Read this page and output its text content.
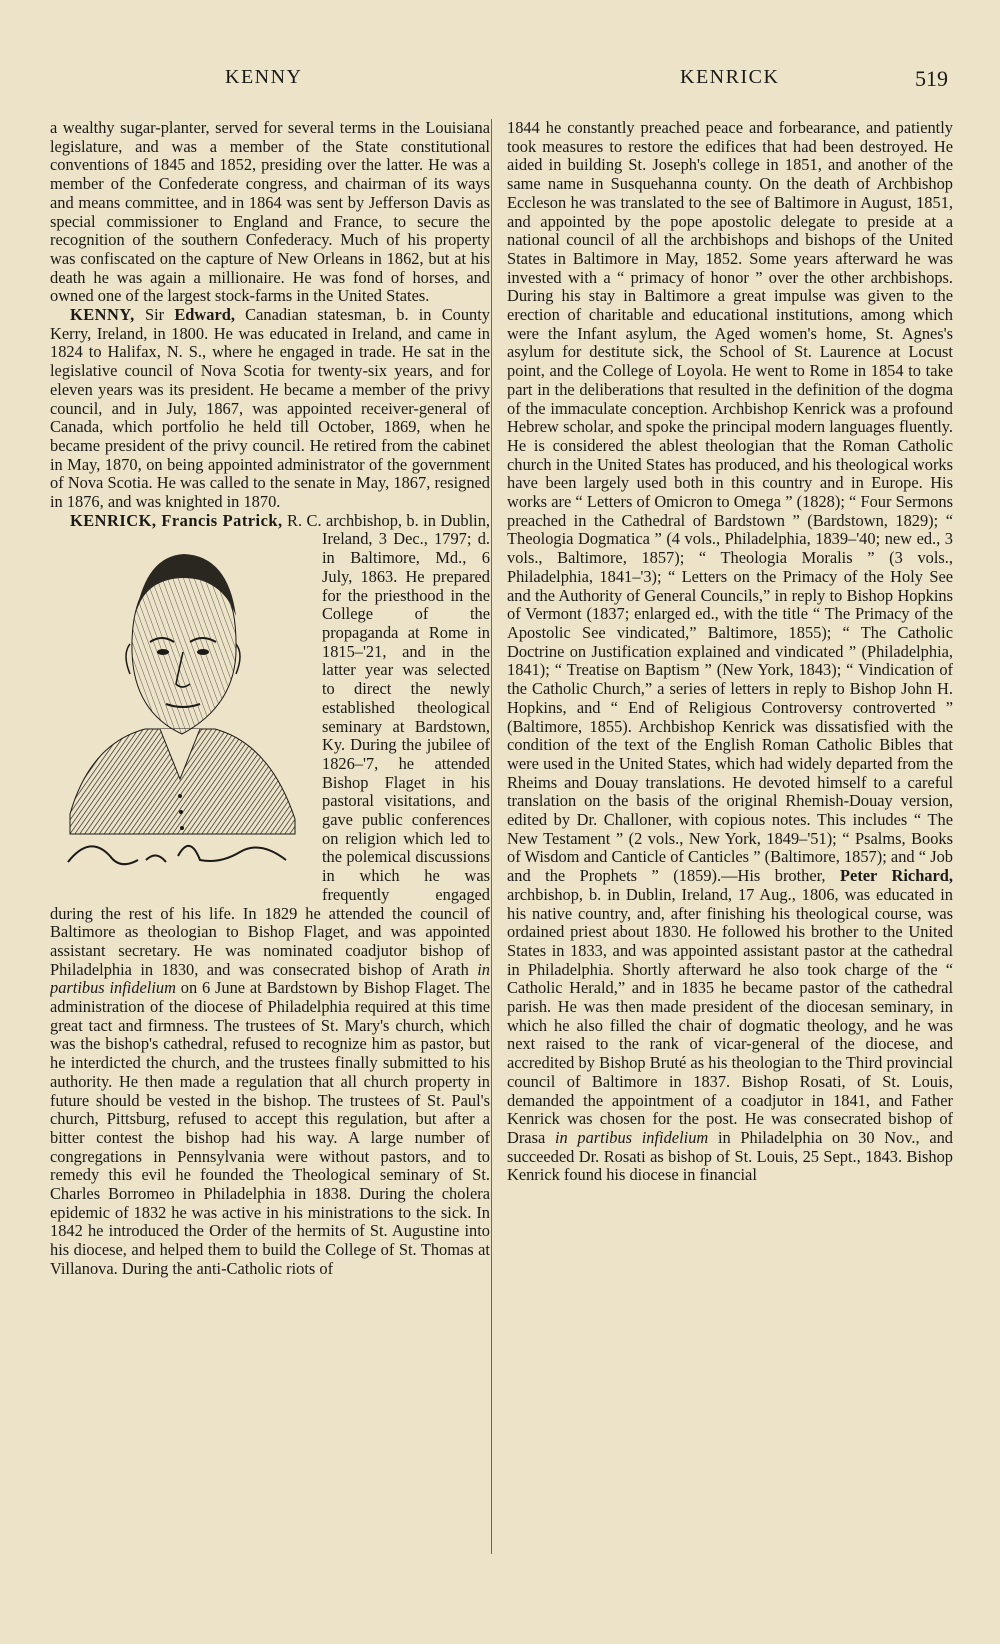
KENNY	KENRICK	519

a wealthy sugar-planter, served for several terms in the Louisiana legislature, and was a member of the State constitutional conventions of 1845 and 1852, presiding over the latter. He was a member of the Confederate congress, and chairman of its ways and means committee, and in 1864 was sent by Jefferson Davis as special commissioner to England and France, to secure the recognition of the southern Confederacy. Much of his property was confiscated on the capture of New Orleans in 1862, but at his death he was again a millionaire. He was fond of horses, and owned one of the largest stock-farms in the United States.

KENNY, Sir Edward, Canadian statesman, b. in County Kerry, Ireland, in 1800. He was educated in Ireland, and came in 1824 to Halifax, N. S., where he engaged in trade. He sat in the legislative council of Nova Scotia for twenty-six years, and for eleven years was its president. He became a member of the privy council, and in July, 1867, was appointed receiver-general of Canada, which portfolio he held till October, 1869, when he became president of the privy council. He retired from the cabinet in May, 1870, on being appointed administrator of the government of Nova Scotia. He was called to the senate in May, 1867, resigned in 1876, and was knighted in 1870.

KENRICK, Francis Patrick,
R. C. archbishop, b. in Dublin, Ireland, 3 Dec., 1797; d. in Baltimore, Md., 6 July, 1863. He prepared for the priesthood in the College of the propaganda at Rome in 1815–'21, and in the latter year was selected to direct the newly established theological seminary at Bardstown, Ky. During the jubilee of 1826–'7, he attended Bishop Flaget in his pastoral visitations, and gave public conferences on religion which led to the polemical discussions in which he was frequently engaged during the rest of his life. In 1829 he attended the council of Baltimore as theologian to Bishop Flaget, and was appointed assistant secretary. He was nominated coadjutor bishop of Philadelphia in 1830, and was consecrated bishop of Arath in partibus infidelium on 6 June at Bardstown by Bishop Flaget. The administration of the diocese of Philadelphia required at this time great tact and firmness. The trustees of St. Mary's church, which was the bishop's cathedral, refused to recognize him as pastor, but he interdicted the church, and the trustees finally submitted to his authority. He then made a regulation that all church property in future should be vested in the bishop. The trustees of St. Paul's church, Pittsburg, refused to accept this regulation, but after a bitter contest the bishop had his way. A large number of congregations in Pennsylvania were without pastors, and to remedy this evil he founded the Theological seminary of St. Charles Borromeo in Philadelphia in 1838. During the cholera epidemic of 1832 he was active in his ministrations to the sick. In 1842 he introduced the Order of the hermits of St. Augustine into his diocese, and helped them to build the College of St. Thomas at Villanova. During the anti-Catholic riots of

1844 he constantly preached peace and forbearance, and patiently took measures to restore the edifices that had been destroyed. He aided in building St. Joseph's college in 1851, and another of the same name in Susquehanna county. On the death of Archbishop Eccleson he was translated to the see of Baltimore in August, 1851, and appointed by the pope apostolic delegate to preside at a national council of all the archbishops and bishops of the United States in Baltimore in May, 1852. Some years afterward he was invested with a “ primacy of honor ” over the other archbishops. During his stay in Baltimore a great impulse was given to the erection of charitable and educational institutions, among which were the Infant asylum, the Aged women's home, St. Agnes's asylum for destitute sick, the School of St. Laurence at Locust point, and the College of Loyola. He went to Rome in 1854 to take part in the deliberations that resulted in the definition of the dogma of the immaculate conception. Archbishop Kenrick was a profound Hebrew scholar, and spoke the principal modern languages fluently. He is considered the ablest theologian that the Roman Catholic church in the United States has produced, and his theological works have been largely used both in this country and in Europe. His works are “ Letters of Omicron to Omega ” (1828); “ Four Sermons preached in the Cathedral of Bardstown ” (Bardstown, 1829); “ Theologia Dogmatica ” (4 vols., Philadelphia, 1839–'40; new ed., 3 vols., Baltimore, 1857); “ Theologia Moralis ” (3 vols., Philadelphia, 1841–'3); “ Letters on the Primacy of the Holy See and the Authority of General Councils,” in reply to Bishop Hopkins of Vermont (1837; enlarged ed., with the title “ The Primacy of the Apostolic See vindicated,” Baltimore, 1855); “ The Catholic Doctrine on Justification explained and vindicated ” (Philadelphia, 1841); “ Treatise on Baptism ” (New York, 1843); “ Vindication of the Catholic Church,” a series of letters in reply to Bishop John H. Hopkins, and “ End of Religious Controversy controverted ” (Baltimore, 1855). Archbishop Kenrick was dissatisfied with the condition of the text of the English Roman Catholic Bibles that were used in the United States, which had widely departed from the Rheims and Douay translations. He devoted himself to a careful translation on the basis of the original Rhemish-Douay version, edited by Dr. Challoner, with copious notes. This includes “ The New Testament ” (2 vols., New York, 1849–'51); “ Psalms, Books of Wisdom and Canticle of Canticles ” (Baltimore, 1857); and “ Job and the Prophets ” (1859).—His brother, Peter Richard, archbishop, b. in Dublin, Ireland, 17 Aug., 1806, was educated in his native country, and, after finishing his theological course, was ordained priest about 1830. He followed his brother to the United States in 1833, and was appointed assistant pastor at the cathedral in Philadelphia. Shortly afterward he also took charge of the “ Catholic Herald,” and in 1835 he became pastor of the cathedral parish. He was then made president of the diocesan seminary, in which he also filled the chair of dogmatic theology, and he was next raised to the rank of vicar-general of the diocese, and accredited by Bishop Bruté as his theologian to the Third provincial council of Baltimore in 1837. Bishop Rosati, of St. Louis, demanded the appointment of a coadjutor in 1841, and Father Kenrick was chosen for the post. He was consecrated bishop of Drasa in partibus infidelium in Philadelphia on 30 Nov., and succeeded Dr. Rosati as bishop of St. Louis, 25 Sept., 1843. Bishop Kenrick found his diocese in financial
